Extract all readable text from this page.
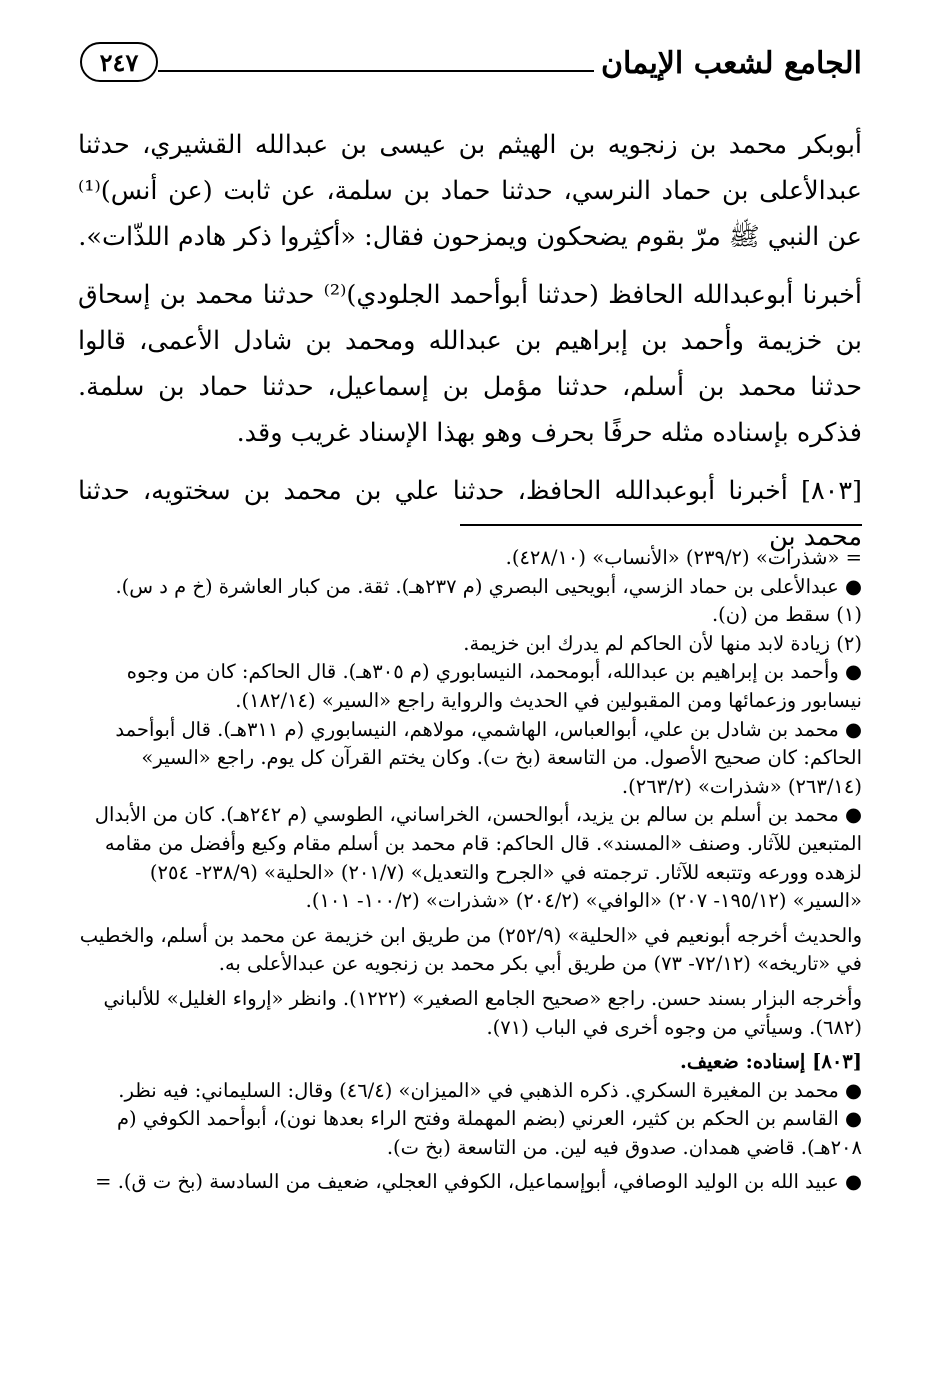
الجامع لشعب الإيمان
٢٤٧

أبوبكر محمد بن زنجويه بن الهيثم بن عيسى بن عبدالله القشيري، حدثنا عبدالأعلى بن حماد النرسي، حدثنا حماد بن سلمة، عن ثابت (عن أنس)⁽¹⁾ عن النبي ﷺ مرّ بقوم يضحكون ويمزحون فقال: «أكثِروا ذكر هادم اللذّات».

أخبرنا أبوعبدالله الحافظ (حدثنا أبوأحمد الجلودي)⁽²⁾ حدثنا محمد بن إسحاق بن خزيمة وأحمد بن إبراهيم بن عبدالله ومحمد بن شادل الأعمى، قالوا حدثنا محمد بن أسلم، حدثنا مؤمل بن إسماعيل، حدثنا حماد بن سلمة. فذكره بإسناده مثله حرفًا بحرف وهو بهذا الإسناد غريب وقد.

[٨٠٣] أخبرنا أبوعبدالله الحافظ، حدثنا علي بن محمد بن سختويه، حدثنا محمد بن

= «شذرات» (٢٣٩/٢) «الأنساب» (٤٢٨/١٠).
● عبدالأعلى بن حماد الزسي، أبويحيى البصري (م ٢٣٧هـ). ثقة. من كبار العاشرة (خ م د س).
(١) سقط من (ن).
(٢) زيادة لابد منها لأن الحاكم لم يدرك ابن خزيمة.
● وأحمد بن إبراهيم بن عبدالله، أبومحمد، النيسابوري (م ٣٠٥هـ). قال الحاكم: كان من وجوه نيسابور وزعمائها ومن المقبولين في الحديث والرواية راجع «السير» (١٨٢/١٤).
● محمد بن شادل بن علي، أبوالعباس، الهاشمي، مولاهم، النيسابوري (م ٣١١هـ). قال أبوأحمد الحاكم: كان صحيح الأصول. من التاسعة (بخ ت). وكان يختم القرآن كل يوم. راجع «السير» (٢٦٣/١٤) «شذرات» (٢٦٣/٢).
● محمد بن أسلم بن سالم بن يزيد، أبوالحسن، الخراساني، الطوسي (م ٢٤٢هـ). كان من الأبدال المتبعين للآثار. وصنف «المسند». قال الحاكم: قام محمد بن أسلم مقام وكيع وأفضل من مقامه لزهده وورعه وتتبعه للآثار. ترجمته في «الجرح والتعديل» (٢٠١/٧) «الحلية» (٢٣٨/٩- ٢٥٤) «السير» (١٩٥/١٢- ٢٠٧) «الوافي» (٢٠٤/٢) «شذرات» (١٠٠/٢- ١٠١).
والحديث أخرجه أبونعيم في «الحلية» (٢٥٢/٩) من طريق ابن خزيمة عن محمد بن أسلم، والخطيب في «تاريخه» (٧٢/١٢- ٧٣) من طريق أبي بكر محمد بن زنجويه عن عبدالأعلى به.
وأخرجه البزار بسند حسن. راجع «صحيح الجامع الصغير» (١٢٢٢). وانظر «إرواء الغليل» للألباني (٦٨٢). وسيأتي من وجوه أخرى في الباب (٧١).
[٨٠٣] إسناده: ضعيف.
● محمد بن المغيرة السكري. ذكره الذهبي في «الميزان» (٤٦/٤) وقال: السليماني: فيه نظر.
● القاسم بن الحكم بن كثير، العرني (بضم المهملة وفتح الراء بعدها نون)، أبوأحمد الكوفي (م ٢٠٨هـ). قاضي همدان. صدوق فيه لين. من التاسعة (بخ ت).
● عبيد الله بن الوليد الوصافي، أبوإسماعيل، الكوفي العجلي، ضعيف من السادسة (بخ ت ق). =
